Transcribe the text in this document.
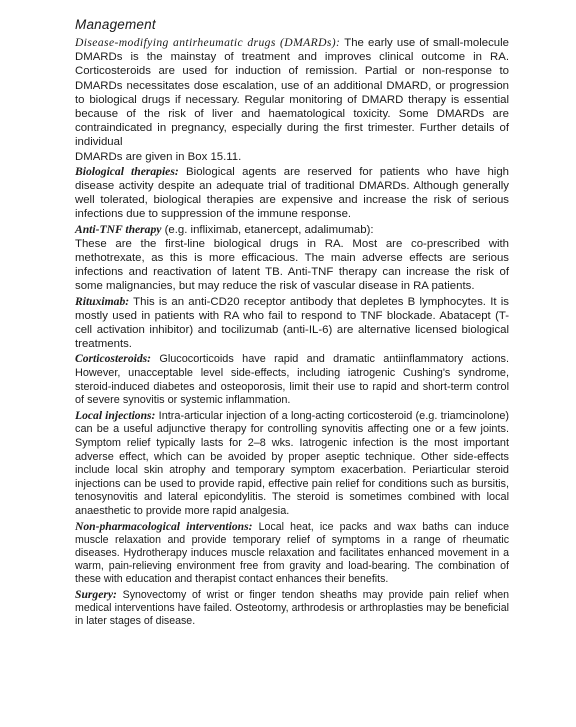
Management

Disease-modifying antirheumatic drugs (DMARDs): The early use of small-molecule DMARDs is the mainstay of treatment and improves clinical outcome in RA. Corticosteroids are used for induction of remission. Partial or non-response to DMARDs necessitates dose escalation, use of an additional DMARD, or progression to biological drugs if necessary. Regular monitoring of DMARD therapy is essential because of the risk of liver and haematological toxicity. Some DMARDs are contraindicated in pregnancy, especially during the first trimester. Further details of individual
DMARDs are given in Box 15.11.

Biological therapies: Biological agents are reserved for patients who have high disease activity despite an adequate trial of traditional DMARDs. Although generally well tolerated, biological therapies are expensive and increase the risk of serious infections due to suppression of the immune response.

Anti-TNF therapy (e.g. infliximab, etanercept, adalimumab):
These are the first-line biological drugs in RA. Most are co-prescribed with methotrexate, as this is more efficacious. The main adverse effects are serious infections and reactivation of latent TB. Anti-TNF therapy can increase the risk of some malignancies, but may reduce the risk of vascular disease in RA patients.

Rituximab: This is an anti-CD20 receptor antibody that depletes B lymphocytes. It is mostly used in patients with RA who fail to respond to TNF blockade. Abatacept (T-cell activation inhibitor) and tocilizumab (anti-IL-6) are alternative licensed biological treatments.

Corticosteroids: Glucocorticoids have rapid and dramatic antiinflammatory actions. However, unacceptable level side-effects, including iatrogenic Cushing's syndrome, steroid-induced diabetes and osteoporosis, limit their use to rapid and short-term control of severe synovitis or systemic inflammation.

Local injections: Intra-articular injection of a long-acting corticosteroid (e.g. triamcinolone) can be a useful adjunctive therapy for controlling synovitis affecting one or a few joints. Symptom relief typically lasts for 2–8 wks. Iatrogenic infection is the most important adverse effect, which can be avoided by proper aseptic technique. Other side-effects include local skin atrophy and temporary symptom exacerbation. Periarticular steroid injections can be used to provide rapid, effective pain relief for conditions such as bursitis, tenosynovitis and lateral epicondylitis. The steroid is sometimes combined with local anaesthetic to provide more rapid analgesia.

Non-pharmacological interventions: Local heat, ice packs and wax baths can induce muscle relaxation and provide temporary relief of symptoms in a range of rheumatic diseases. Hydrotherapy induces muscle relaxation and facilitates enhanced movement in a warm, pain-relieving environment free from gravity and load-bearing. The combination of these with education and therapist contact enhances their benefits.

Surgery: Synovectomy of wrist or finger tendon sheaths may provide pain relief when medical interventions have failed. Osteotomy, arthrodesis or arthroplasties may be beneficial in later stages of disease.
